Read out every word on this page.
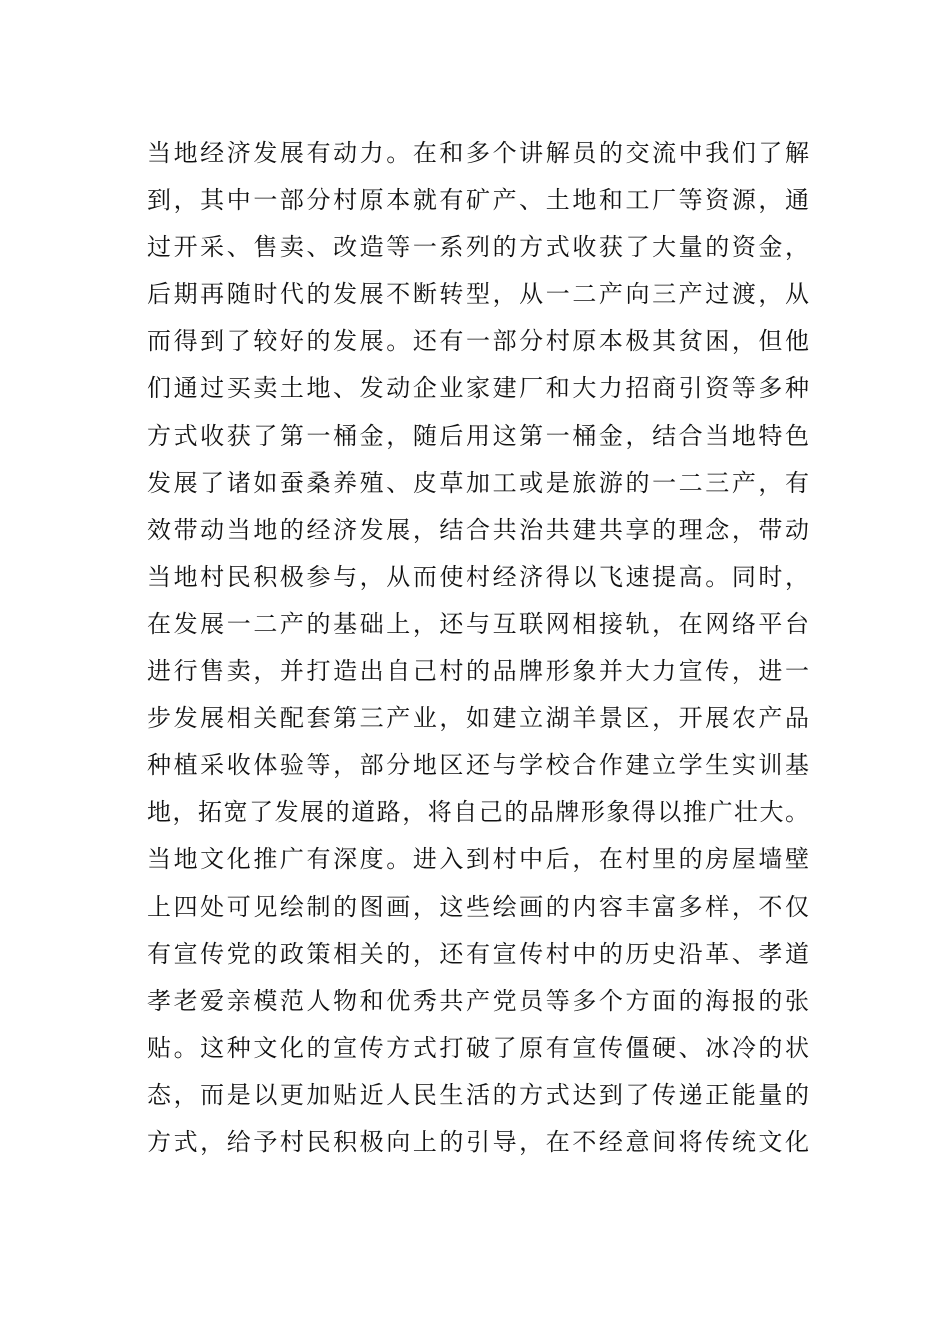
当地经济发展有动力。在和多个讲解员的交流中我们了解
到，其中一部分村原本就有矿产、土地和工厂等资源，通
过开采、售卖、改造等一系列的方式收获了大量的资金，
后期再随时代的发展不断转型，从一二产向三产过渡，从
而得到了较好的发展。还有一部分村原本极其贫困，但他
们通过买卖土地、发动企业家建厂和大力招商引资等多种
方式收获了第一桶金，随后用这第一桶金，结合当地特色
发展了诸如蚕桑养殖、皮草加工或是旅游的一二三产，有
效带动当地的经济发展，结合共治共建共享的理念，带动
当地村民积极参与，从而使村经济得以飞速提高。同时，
在发展一二产的基础上，还与互联网相接轨，在网络平台
进行售卖，并打造出自己村的品牌形象并大力宣传，进一
步发展相关配套第三产业，如建立湖羊景区，开展农产品
种植采收体验等，部分地区还与学校合作建立学生实训基
地，拓宽了发展的道路，将自己的品牌形象得以推广壮大。
当地文化推广有深度。进入到村中后，在村里的房屋墙壁
上四处可见绘制的图画，这些绘画的内容丰富多样，不仅
有宣传党的政策相关的，还有宣传村中的历史沿革、孝道
孝老爱亲模范人物和优秀共产党员等多个方面的海报的张
贴。这种文化的宣传方式打破了原有宣传僵硬、冰冷的状
态，而是以更加贴近人民生活的方式达到了传递正能量的
方式，给予村民积极向上的引导，在不经意间将传统文化
